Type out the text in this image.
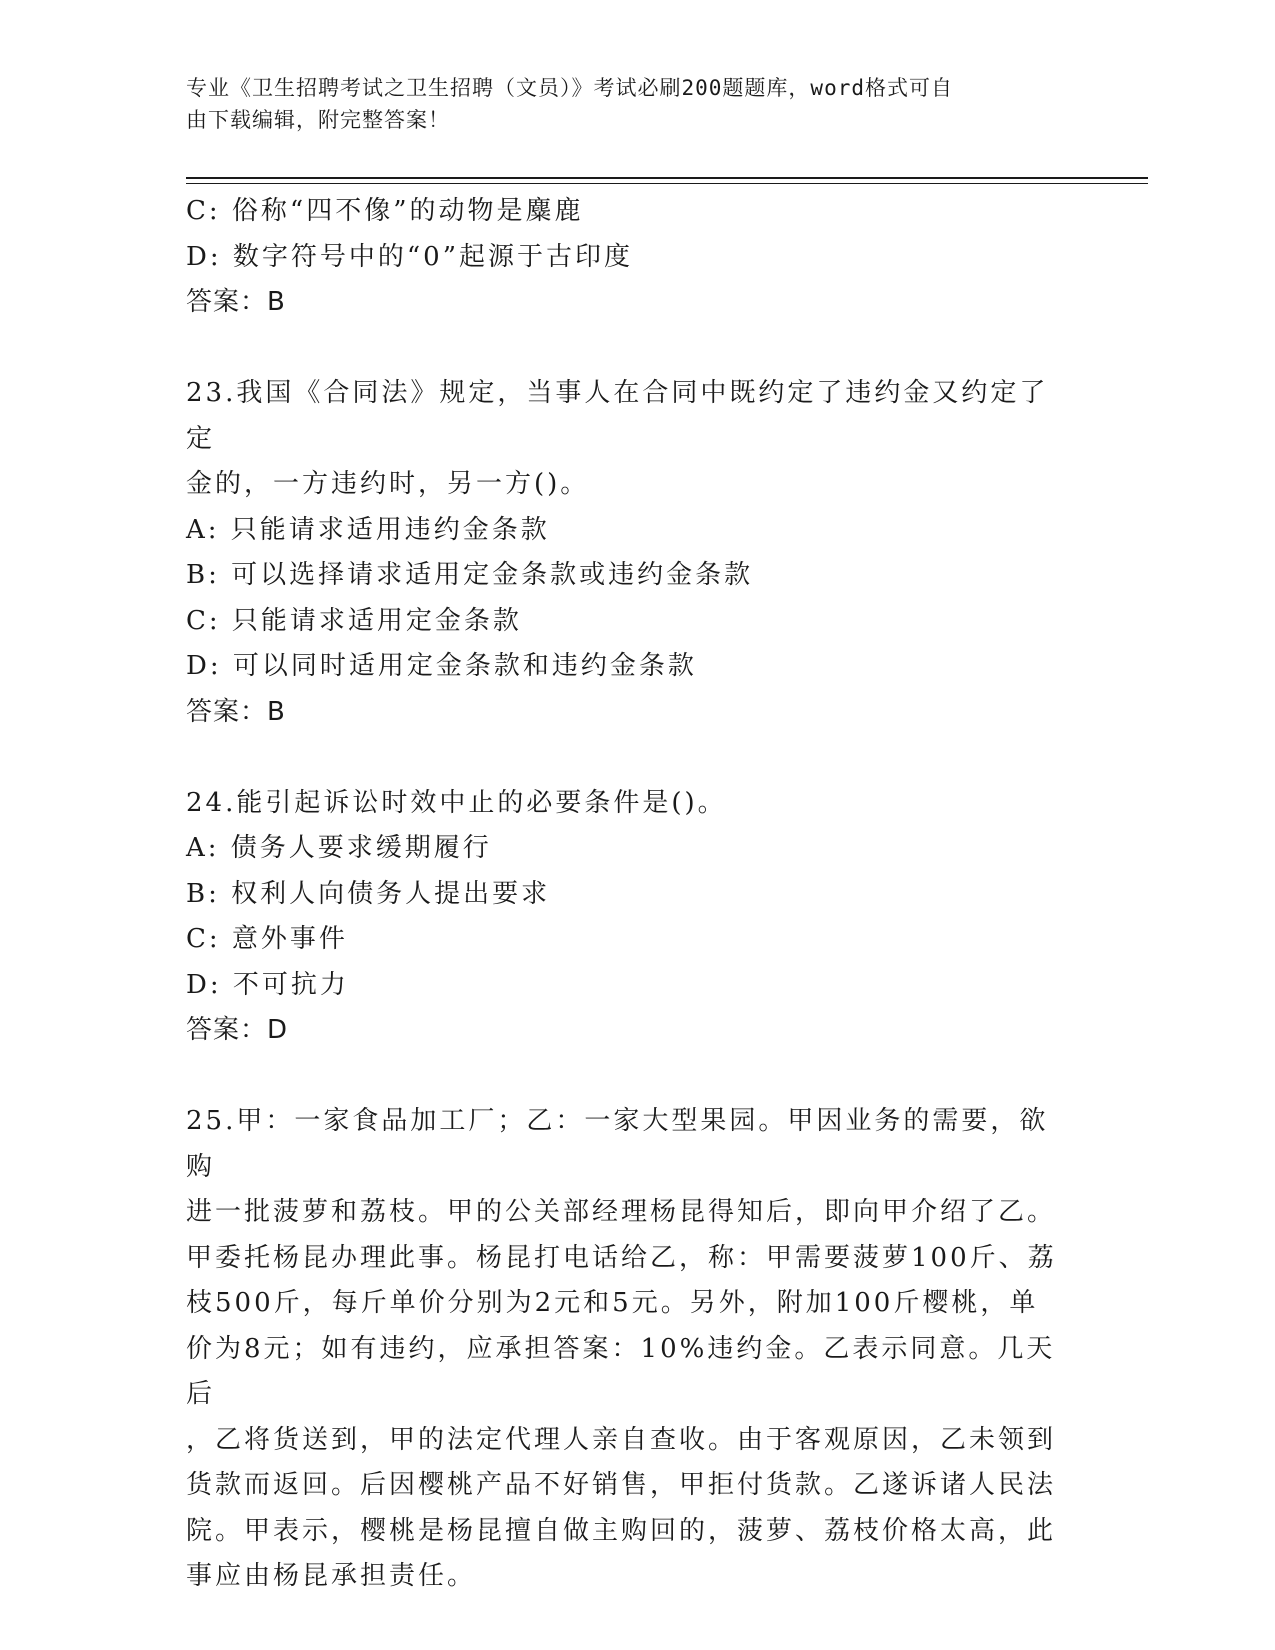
专业《卫生招聘考试之卫生招聘（文员）》考试必刷200题题库，word格式可自
由下载编辑，附完整答案！
C: 俗称“四不像”的动物是麋鹿
D: 数字符号中的“0”起源于古印度
答案：B
23.我国《合同法》规定，当事人在合同中既约定了违约金又约定了定
金的，一方违约时，另一方()。
A: 只能请求适用违约金条款
B: 可以选择请求适用定金条款或违约金条款
C: 只能请求适用定金条款
D: 可以同时适用定金条款和违约金条款
答案：B
24.能引起诉讼时效中止的必要条件是()。
A: 债务人要求缓期履行
B: 权利人向债务人提出要求
C: 意外事件
D: 不可抗力
答案：D
25.甲：一家食品加工厂；乙：一家大型果园。甲因业务的需要，欲购
进一批菠萝和荔枝。甲的公关部经理杨昆得知后，即向甲介绍了乙。
甲委托杨昆办理此事。杨昆打电话给乙，称：甲需要菠萝100斤、荔
枝500斤，每斤单价分别为2元和5元。另外，附加100斤樱桃，单
价为8元；如有违约，应承担答案：10%违约金。乙表示同意。几天后
，乙将货送到，甲的法定代理人亲自查收。由于客观原因，乙未领到
货款而返回。后因樱桃产品不好销售，甲拒付货款。乙遂诉诸人民法
院。甲表示，樱桃是杨昆擅自做主购回的，菠萝、荔枝价格太高，此
事应由杨昆承担责任。
